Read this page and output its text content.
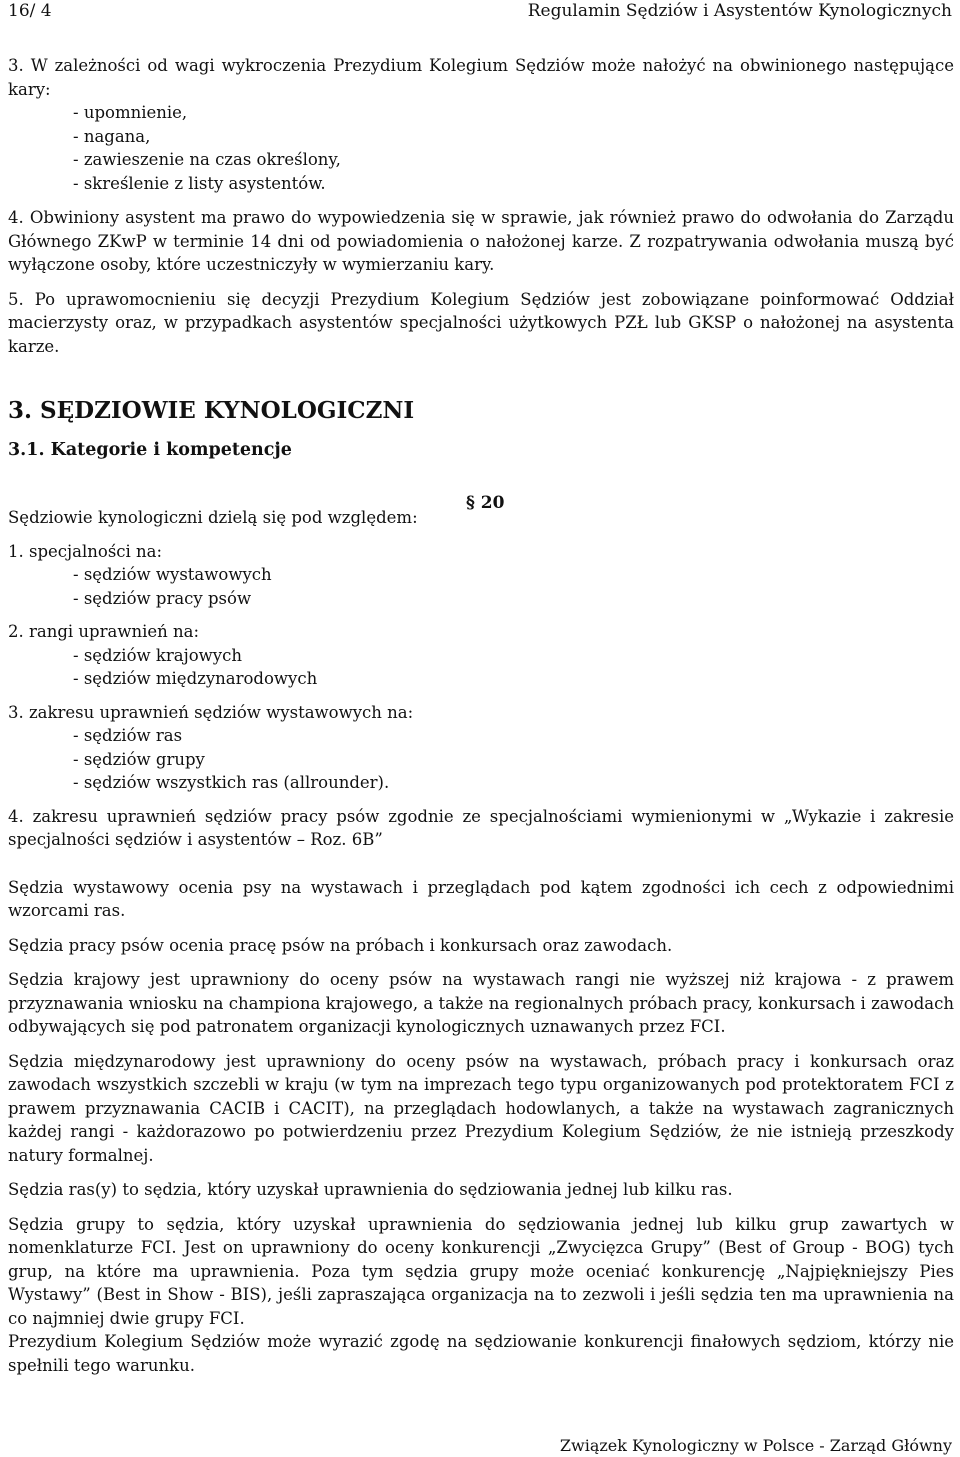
16/ 4	Regulamin Sędziów i Asystentów Kynologicznych

3. W zależności od wagi wykroczenia Prezydium Kolegium Sędziów może nałożyć na obwinionego następujące kary:

- upomnienie,

- nagana,

- zawieszenie na czas określony,

- skreślenie z listy asystentów.

4. Obwiniony asystent ma prawo do wypowiedzenia się w sprawie, jak również prawo do odwołania do Zarządu Głównego ZKwP w terminie 14 dni od powiadomienia o nałożonej karze. Z rozpatrywania odwołania muszą być wyłączone osoby, które uczestniczyły w wymierzaniu kary.

5. Po uprawomocnieniu się decyzji Prezydium Kolegium Sędziów jest zobowiązane poinformować Oddział macierzysty oraz, w przypadkach asystentów specjalności użytkowych PZŁ lub GKSP o nałożonej na asystenta karze.

3. SĘDZIOWIE KYNOLOGICZNI
3.1. Kategorie i kompetencje
§ 20

Sędziowie kynologiczni dzielą się pod względem:

1. specjalności na:

- sędziów wystawowych

- sędziów pracy psów

2. rangi uprawnień na:

- sędziów krajowych

- sędziów międzynarodowych

3. zakresu uprawnień sędziów wystawowych na:

- sędziów ras

- sędziów grupy

- sędziów wszystkich ras (allrounder).

4. zakresu uprawnień sędziów pracy psów zgodnie ze specjalnościami wymienionymi w „Wykazie i zakresie specjalności sędziów i asystentów – Roz. 6B”

Sędzia wystawowy ocenia psy na wystawach i przeglądach pod kątem zgodności ich cech z odpowiednimi wzorcami ras.

Sędzia pracy psów ocenia pracę psów na próbach i konkursach oraz zawodach.

Sędzia krajowy jest uprawniony do oceny psów na wystawach rangi nie wyższej niż krajowa - z prawem przyznawania wniosku na championa krajowego, a także na regionalnych próbach pracy, konkursach i zawodach odbywających się pod patronatem organizacji kynologicznych uznawanych przez FCI.

Sędzia międzynarodowy jest uprawniony do oceny psów na wystawach, próbach pracy i konkursach oraz zawodach wszystkich szczebli w kraju (w tym na imprezach tego typu organizowanych pod protektoratem FCI z prawem przyznawania CACIB i CACIT), na przeglądach hodowlanych, a także na wystawach zagranicznych każdej rangi - każdorazowo po potwierdzeniu przez Prezydium Kolegium Sędziów, że nie istnieją przeszkody natury formalnej.

Sędzia ras(y) to sędzia, który uzyskał uprawnienia do sędziowania jednej lub kilku ras.

Sędzia grupy to sędzia, który uzyskał uprawnienia do sędziowania jednej lub kilku grup zawartych w nomenklaturze FCI. Jest on uprawniony do oceny konkurencji „Zwycięzca Grupy” (Best of Group - BOG) tych grup, na które ma uprawnienia. Poza tym sędzia grupy może oceniać konkurencję „Najpiękniejszy Pies Wystawy” (Best in Show - BIS), jeśli zapraszająca organizacja na to zezwoli i jeśli sędzia ten ma uprawnienia na co najmniej dwie grupy FCI.

Prezydium Kolegium Sędziów może wyrazić zgodę na sędziowanie konkurencji finałowych sędziom, którzy nie spełnili tego warunku.

Związek Kynologiczny w Polsce - Zarząd Główny
